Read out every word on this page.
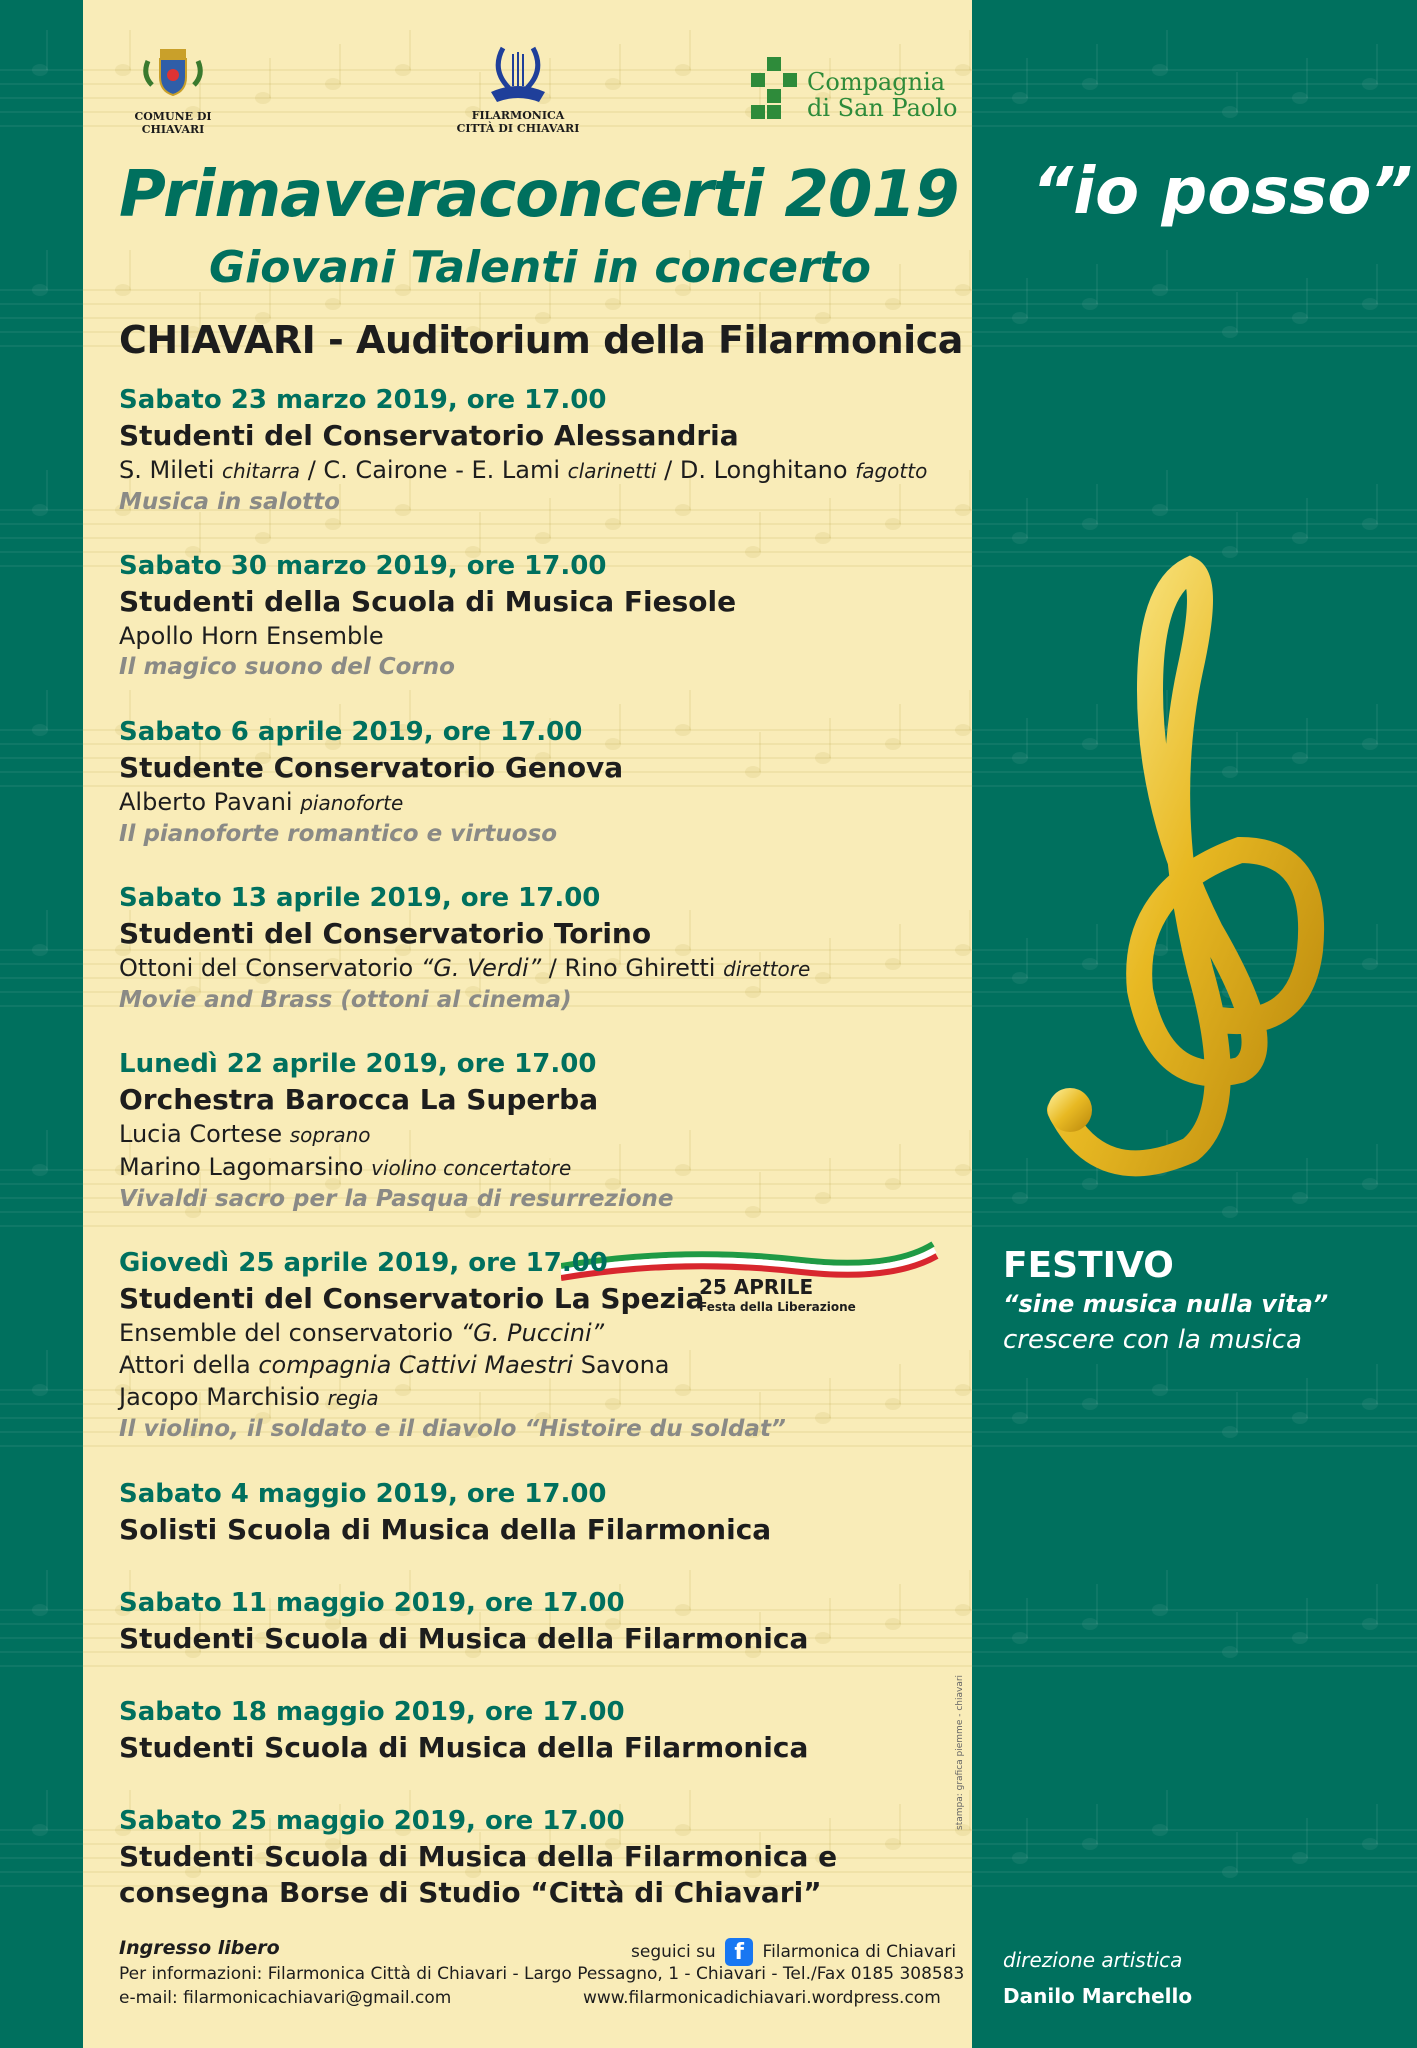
COMUNE DI CHIAVARI
FILARMONICA
CITTÀ DI CHIAVARI
Compagnia
di San Paolo
Primaveraconcerti 2019
Giovani Talenti in concerto
CHIAVARI - Auditorium della Filarmonica
Sabato 23 marzo 2019, ore 17.00
Studenti del Conservatorio Alessandria
S. Mileti chitarra / C. Cairone - E. Lami clarinetti / D. Longhitano fagotto
Musica in salotto
Sabato 30 marzo 2019, ore 17.00
Studenti della Scuola di Musica Fiesole
Apollo Horn Ensemble
Il magico suono del Corno
Sabato 6 aprile 2019, ore 17.00
Studente Conservatorio Genova
Alberto Pavani pianoforte
Il pianoforte romantico e virtuoso
Sabato 13 aprile 2019, ore 17.00
Studenti del Conservatorio Torino
Ottoni del Conservatorio “G. Verdi” / Rino Ghiretti direttore
Movie and Brass (ottoni al cinema)
Lunedì 22 aprile 2019, ore 17.00
Orchestra Barocca La Superba
Lucia Cortese soprano
Marino Lagomarsino violino concertatore
Vivaldi sacro per la Pasqua di resurrezione
25 APRILE
Festa della Liberazione
Giovedì 25 aprile 2019, ore 17.00
Studenti del Conservatorio La Spezia
Ensemble del conservatorio “G. Puccini”
Attori della compagnia Cattivi Maestri Savona
Jacopo Marchisio regia
Il violino, il soldato e il diavolo “Histoire du soldat”
Sabato 4 maggio 2019, ore 17.00
Solisti Scuola di Musica della Filarmonica
Sabato 11 maggio 2019, ore 17.00
Studenti Scuola di Musica della Filarmonica
Sabato 18 maggio 2019, ore 17.00
Studenti Scuola di Musica della Filarmonica
Sabato 25 maggio 2019, ore 17.00
Studenti Scuola di Musica della Filarmonica e
consegna Borse di Studio “Città di Chiavari”
Ingresso libero	seguici su f Filarmonica di Chiavari
Per informazioni: Filarmonica Città di Chiavari - Largo Pessagno, 1 - Chiavari - Tel./Fax 0185 308583
e-mail: filarmonicachiavari@gmail.com	www.filarmonicadichiavari.wordpress.com
stampa: grafica piemme - chiavari
“io posso”
FESTIVO
“sine musica nulla vita”
crescere con la musica
direzione artistica
Danilo Marchello
